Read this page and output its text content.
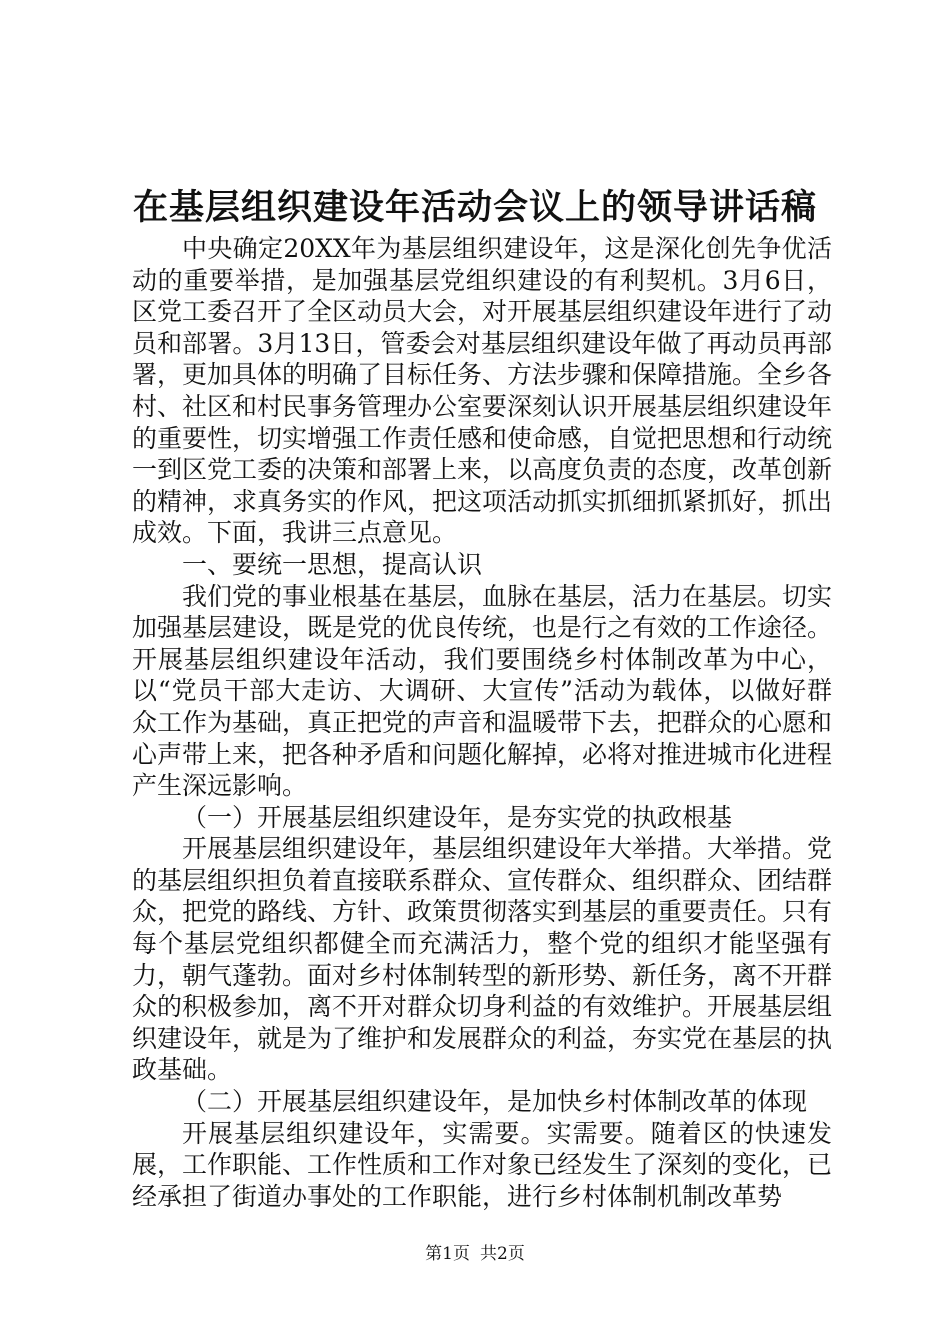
在基层组织建设年活动会议上的领导讲话稿

中央确定20XX年为基层组织建设年，这是深化创先争优活动的重要举措，是加强基层党组织建设的有利契机。3月6日，区党工委召开了全区动员大会，对开展基层组织建设年进行了动员和部署。3月13日，管委会对基层组织建设年做了再动员再部署，更加具体的明确了目标任务、方法步骤和保障措施。全乡各村、社区和村民事务管理办公室要深刻认识开展基层组织建设年的重要性，切实增强工作责任感和使命感，自觉把思想和行动统一到区党工委的决策和部署上来，以高度负责的态度，改革创新的精神，求真务实的作风，把这项活动抓实抓细抓紧抓好，抓出成效。下面，我讲三点意见。

一、要统一思想，提高认识

我们党的事业根基在基层，血脉在基层，活力在基层。切实加强基层建设，既是党的优良传统，也是行之有效的工作途径。开展基层组织建设年活动，我们要围绕乡村体制改革为中心，以“党员干部大走访、大调研、大宣传”活动为载体，以做好群众工作为基础，真正把党的声音和温暖带下去，把群众的心愿和心声带上来，把各种矛盾和问题化解掉，必将对推进城市化进程产生深远影响。

（一）开展基层组织建设年，是夯实党的执政根基

开展基层组织建设年，基层组织建设年大举措。大举措。党的基层组织担负着直接联系群众、宣传群众、组织群众、团结群众，把党的路线、方针、政策贯彻落实到基层的重要责任。只有每个基层党组织都健全而充满活力，整个党的组织才能坚强有力，朝气蓬勃。面对乡村体制转型的新形势、新任务，离不开群众的积极参加，离不开对群众切身利益的有效维护。开展基层组织建设年，就是为了维护和发展群众的利益，夯实党在基层的执政基础。

（二）开展基层组织建设年，是加快乡村体制改革的体现

开展基层组织建设年，实需要。实需要。随着区的快速发展，工作职能、工作性质和工作对象已经发生了深刻的变化，已经承担了街道办事处的工作职能，进行乡村体制机制改革势

第1页 共2页
